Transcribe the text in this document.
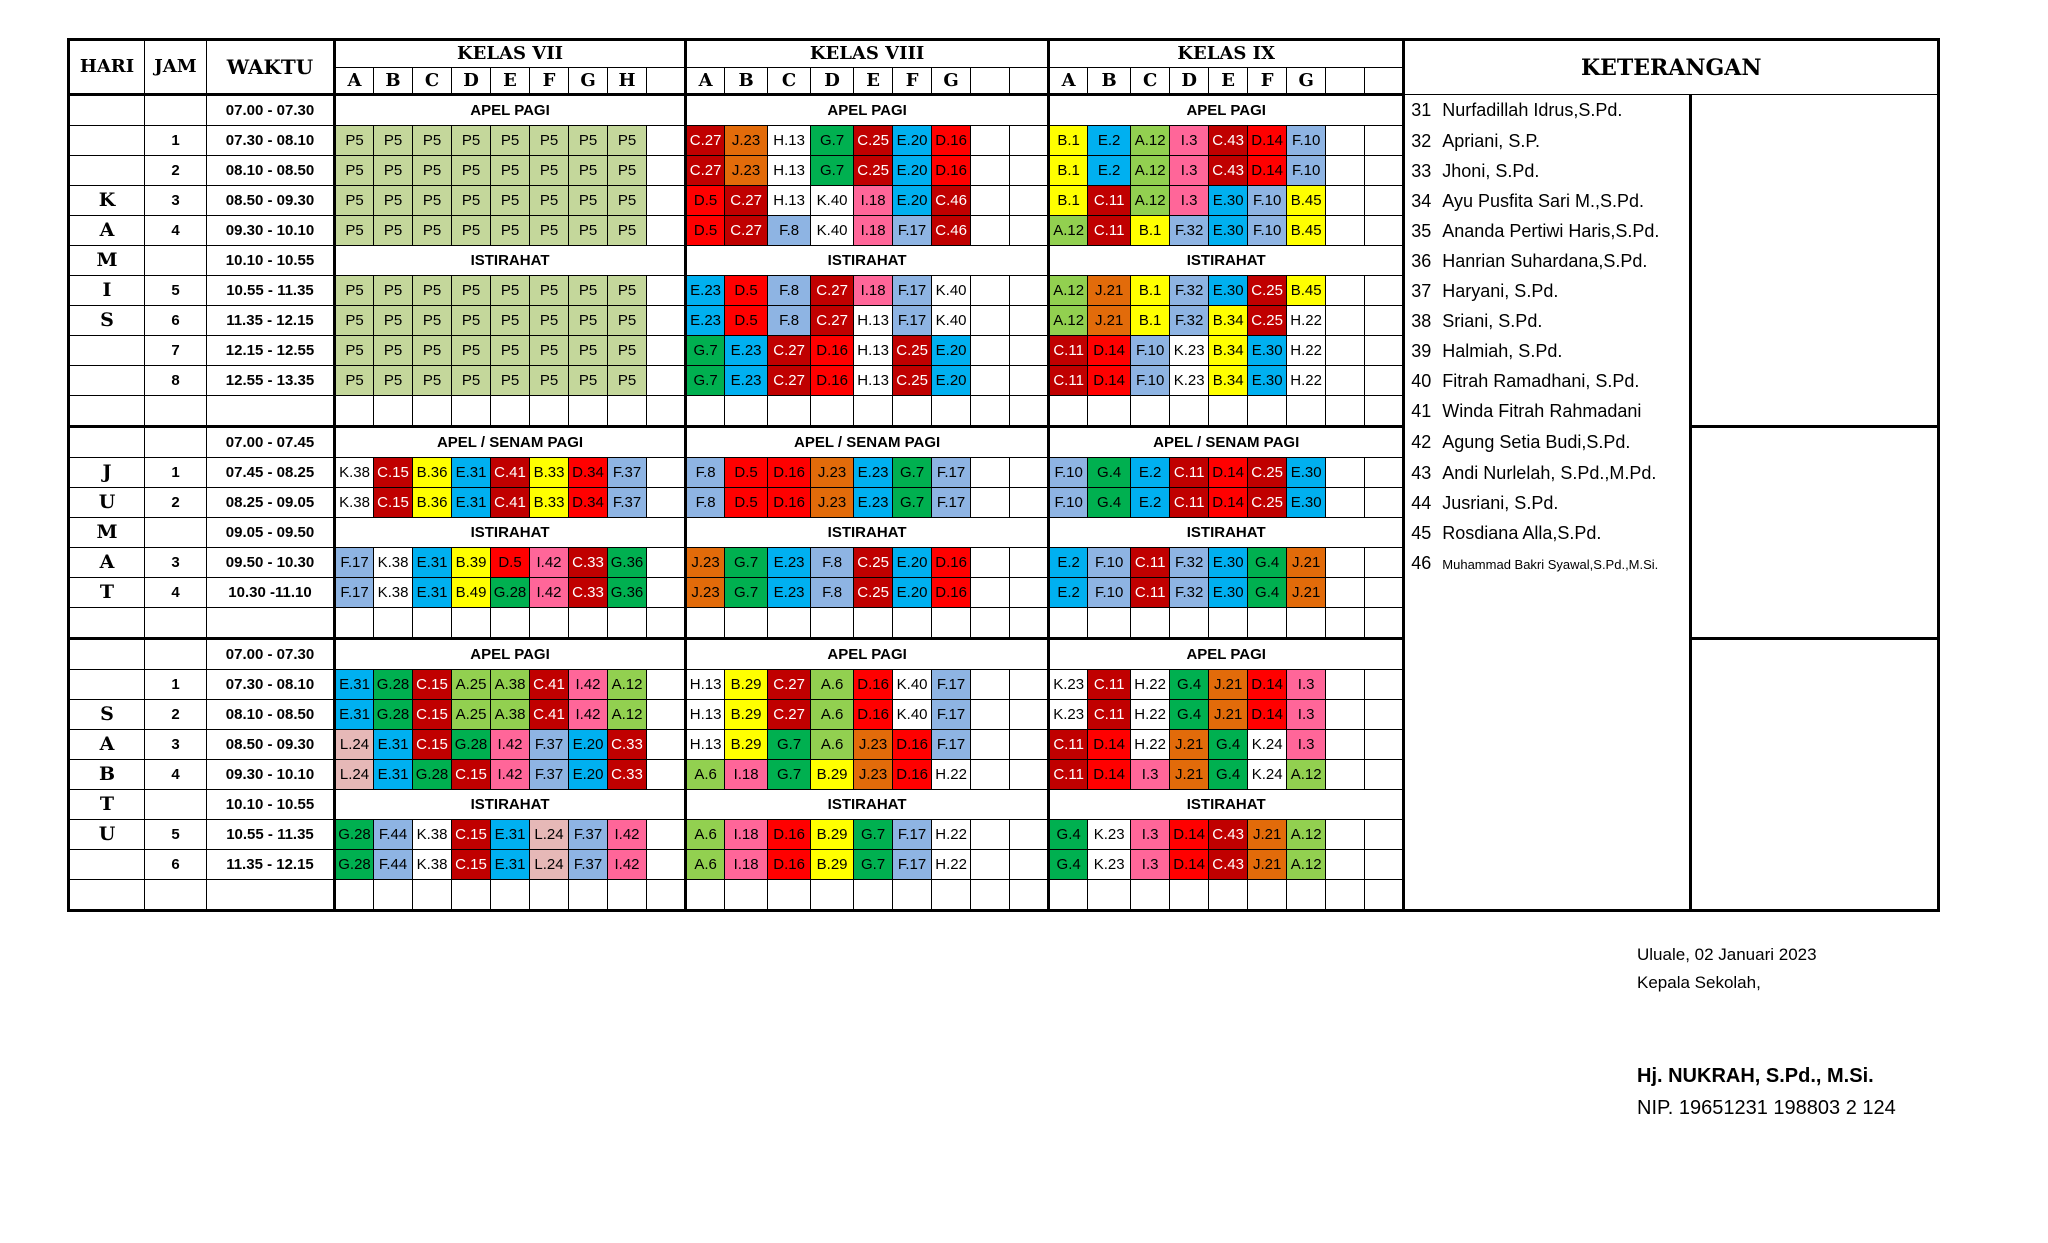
HARI	JAM	WAKTU	KELAS VII									KELAS VIII									KELAS IX									KETERANGAN	
			A	B	C	D	E	F	G	H		A	B	C	D	E	F	G			A	B	C	D	E	F	G				
		07.00 - 07.30	APEL PAGI									APEL PAGI									APEL PAGI									31 Nurfadillah Idrus,S.Pd.	
	1	07.30 - 08.10	P5	P5	P5	P5	P5	P5	P5	P5		C.27	J.23	H.13	G.7	C.25	E.20	D.16			B.1	E.2	A.12	I.3	C.43	D.14	F.10			32 Apriani, S.P.	
	2	08.10 - 08.50	P5	P5	P5	P5	P5	P5	P5	P5		C.27	J.23	H.13	G.7	C.25	E.20	D.16			B.1	E.2	A.12	I.3	C.43	D.14	F.10			33 Jhoni, S.Pd.	
K	3	08.50 - 09.30	P5	P5	P5	P5	P5	P5	P5	P5		D.5	C.27	H.13	K.40	I.18	E.20	C.46			B.1	C.11	A.12	I.3	E.30	F.10	B.45			34 Ayu Pusfita Sari M.,S.Pd.	
A	4	09.30 - 10.10	P5	P5	P5	P5	P5	P5	P5	P5		D.5	C.27	F.8	K.40	I.18	F.17	C.46			A.12	C.11	B.1	F.32	E.30	F.10	B.45			35 Ananda Pertiwi Haris,S.Pd.	
M		10.10 - 10.55	ISTIRAHAT									ISTIRAHAT									ISTIRAHAT									36 Hanrian Suhardana,S.Pd.	
I	5	10.55 - 11.35	P5	P5	P5	P5	P5	P5	P5	P5		E.23	D.5	F.8	C.27	I.18	F.17	K.40			A.12	J.21	B.1	F.32	E.30	C.25	B.45			37 Haryani, S.Pd.	
S	6	11.35 - 12.15	P5	P5	P5	P5	P5	P5	P5	P5		E.23	D.5	F.8	C.27	H.13	F.17	K.40			A.12	J.21	B.1	F.32	B.34	C.25	H.22			38 Sriani, S.Pd.	
	7	12.15 - 12.55	P5	P5	P5	P5	P5	P5	P5	P5		G.7	E.23	C.27	D.16	H.13	C.25	E.20			C.11	D.14	F.10	K.23	B.34	E.30	H.22			39 Halmiah, S.Pd.	
	8	12.55 - 13.35	P5	P5	P5	P5	P5	P5	P5	P5		G.7	E.23	C.27	D.16	H.13	C.25	E.20			C.11	D.14	F.10	K.23	B.34	E.30	H.22			40 Fitrah Ramadhani, S.Pd.	
																														41 Winda Fitrah Rahmadani	
		07.00 - 07.45	APEL / SENAM PAGI									APEL / SENAM PAGI									APEL / SENAM PAGI									42 Agung Setia Budi,S.Pd.	
J	1	07.45 - 08.25	K.38	C.15	B.36	E.31	C.41	B.33	D.34	F.37		F.8	D.5	D.16	J.23	E.23	G.7	F.17			F.10	G.4	E.2	C.11	D.14	C.25	E.30			43 Andi Nurlelah, S.Pd.,M.Pd.	
U	2	08.25 - 09.05	K.38	C.15	B.36	E.31	C.41	B.33	D.34	F.37		F.8	D.5	D.16	J.23	E.23	G.7	F.17			F.10	G.4	E.2	C.11	D.14	C.25	E.30			44 Jusriani, S.Pd.	
M		09.05 - 09.50	ISTIRAHAT									ISTIRAHAT									ISTIRAHAT									45 Rosdiana Alla,S.Pd.	
A	3	09.50 - 10.30	F.17	K.38	E.31	B.39	D.5	I.42	C.33	G.36		J.23	G.7	E.23	F.8	C.25	E.20	D.16			E.2	F.10	C.11	F.32	E.30	G.4	J.21			46 Muhammad Bakri Syawal,S.Pd.,M.Si.	
T	4	10.30 -11.10	F.17	K.38	E.31	B.49	G.28	I.42	C.33	G.36		J.23	G.7	E.23	F.8	C.25	E.20	D.16			E.2	F.10	C.11	F.32	E.30	G.4	J.21				

		07.00 - 07.30	APEL PAGI									APEL PAGI									APEL PAGI										
	1	07.30 - 08.10	E.31	G.28	C.15	A.25	A.38	C.41	I.42	A.12		H.13	B.29	C.27	A.6	D.16	K.40	F.17			K.23	C.11	H.22	G.4	J.21	D.14	I.3				
S	2	08.10 - 08.50	E.31	G.28	C.15	A.25	A.38	C.41	I.42	A.12		H.13	B.29	C.27	A.6	D.16	K.40	F.17			K.23	C.11	H.22	G.4	J.21	D.14	I.3				
A	3	08.50 - 09.30	L.24	E.31	C.15	G.28	I.42	F.37	E.20	C.33		H.13	B.29	G.7	A.6	J.23	D.16	F.17			C.11	D.14	H.22	J.21	G.4	K.24	I.3				
B	4	09.30 - 10.10	L.24	E.31	G.28	C.15	I.42	F.37	E.20	C.33		A.6	I.18	G.7	B.29	J.23	D.16	H.22			C.11	D.14	I.3	J.21	G.4	K.24	A.12				
T		10.10 - 10.55	ISTIRAHAT									ISTIRAHAT									ISTIRAHAT										
U	5	10.55 - 11.35	G.28	F.44	K.38	C.15	E.31	L.24	F.37	I.42		A.6	I.18	D.16	B.29	G.7	F.17	H.22			G.4	K.23	I.3	D.14	C.43	J.21	A.12				
	6	11.35 - 12.15	G.28	F.44	K.38	C.15	E.31	L.24	F.37	I.42		A.6	I.18	D.16	B.29	G.7	F.17	H.22			G.4	K.23	I.3	D.14	C.43	J.21	A.12				

Uluale, 02 Januari 2023
Kepala Sekolah,
Hj. NUKRAH, S.Pd., M.Si.
NIP. 19651231 198803 2 124
